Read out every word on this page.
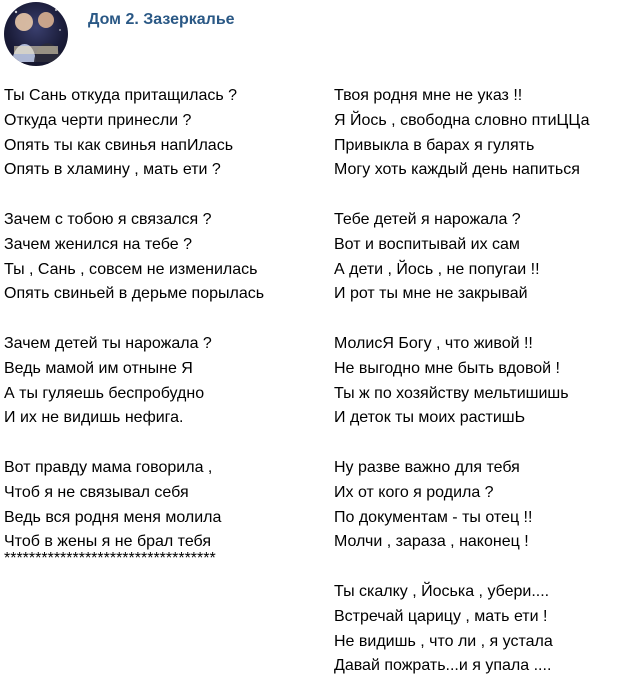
Дом 2. Зазеркалье
Ты Сань откуда притащилась ?
Откуда черти принесли ?
Опять ты как свинья напИлась
Опять в хламину , мать ети ?
Зачем с тобою я связался ?
Зачем женился на тебе ?
Ты , Сань , совсем не изменилась
Опять свиньей в дерьме порылась
Зачем детей ты нарожала ?
Ведь мамой им отныне Я
А ты гуляешь беспробудно
И их не видишь нефига.
Вот правду мама говорила ,
Чтоб я не связывал себя
Ведь вся родня меня молила
Чтоб в жены я не брал тебя
**********************************
Твоя родня мне не указ !!
Я Йось , свободна словно птиЦЦа
Привыкла в барах я гулять
Могу хоть каждый день напиться
Тебе детей я нарожала ?
Вот и воспитывай их сам
А дети , Йось , не попугаи !!
И рот ты мне не закрывай
МолисЯ Богу , что живой !!
Не выгодно мне быть вдовой !
Ты ж по хозяйству мельтишишь
И деток ты моих растишЬ
Ну разве важно для тебя
Их от кого я родила ?
По документам - ты отец !!
Молчи , зараза , наконец !
Ты скалку , Йоська , убери....
Встречай царицу , мать ети !
Не видишь , что ли , я устала
Давай пожрать...и я упала ....
